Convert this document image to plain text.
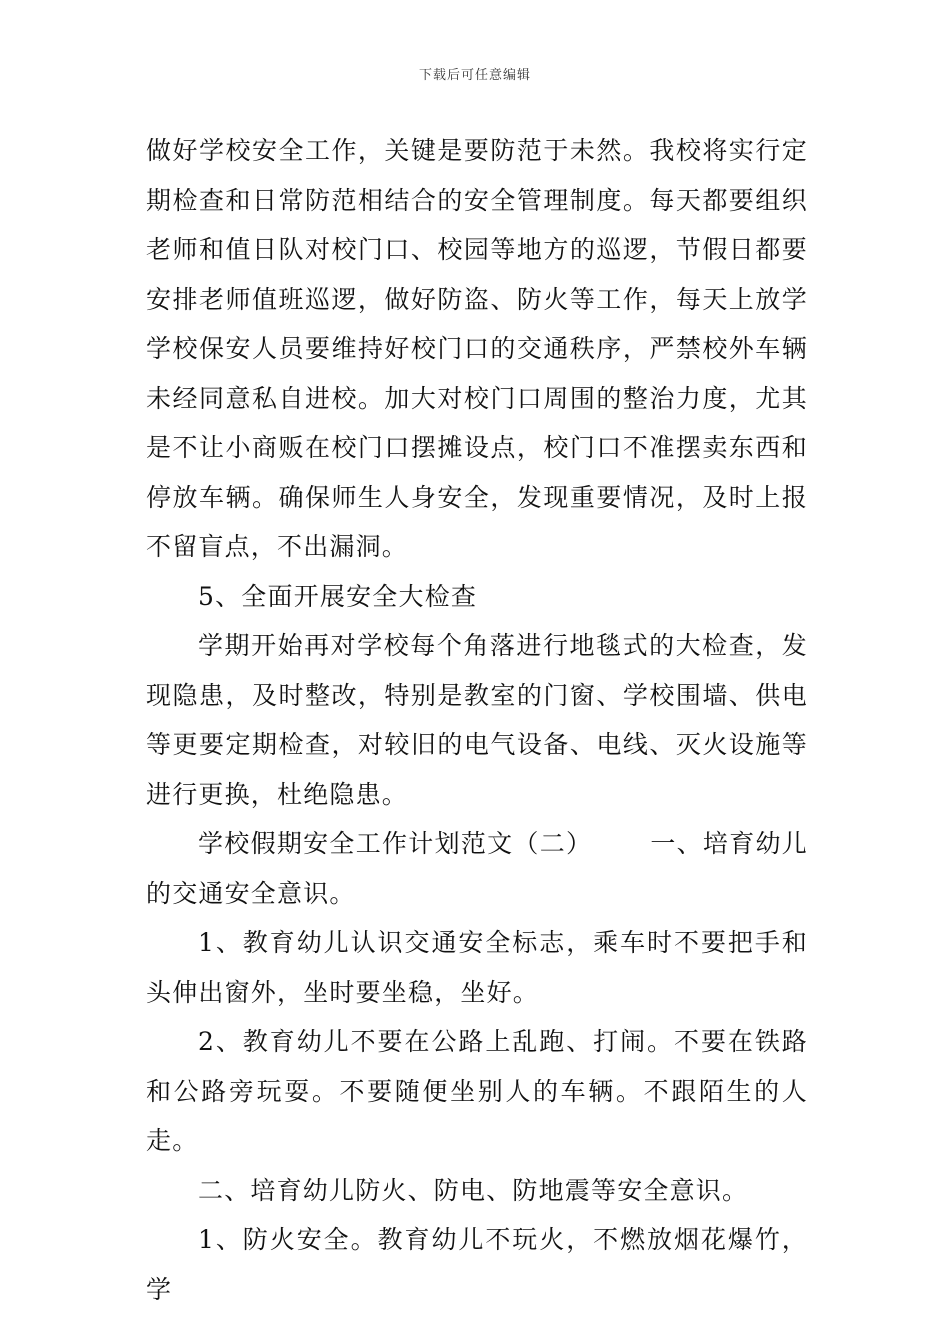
下载后可任意编辑

做好学校安全工作，关键是要防范于未然。我校将实行定期检查和日常防范相结合的安全管理制度。每天都要组织老师和值日队对校门口、校园等地方的巡逻，节假日都要安排老师值班巡逻，做好防盗、防火等工作，每天上放学学校保安人员要维持好校门口的交通秩序，严禁校外车辆未经同意私自进校。加大对校门口周围的整治力度，尤其是不让小商贩在校门口摆摊设点，校门口不准摆卖东西和停放车辆。确保师生人身安全，发现重要情况，及时上报不留盲点，不出漏洞。

5、全面开展安全大检查

学期开始再对学校每个角落进行地毯式的大检查，发现隐患，及时整改，特别是教室的门窗、学校围墙、供电等更要定期检查，对较旧的电气设备、电线、灭火设施等进行更换，杜绝隐患。

学校假期安全工作计划范文（二） 一、培育幼儿的交通安全意识。

1、教育幼儿认识交通安全标志，乘车时不要把手和头伸出窗外，坐时要坐稳，坐好。

2、教育幼儿不要在公路上乱跑、打闹。不要在铁路和公路旁玩耍。不要随便坐别人的车辆。不跟陌生的人走。

二、培育幼儿防火、防电、防地震等安全意识。

1、防火安全。教育幼儿不玩火，不燃放烟花爆竹，学
